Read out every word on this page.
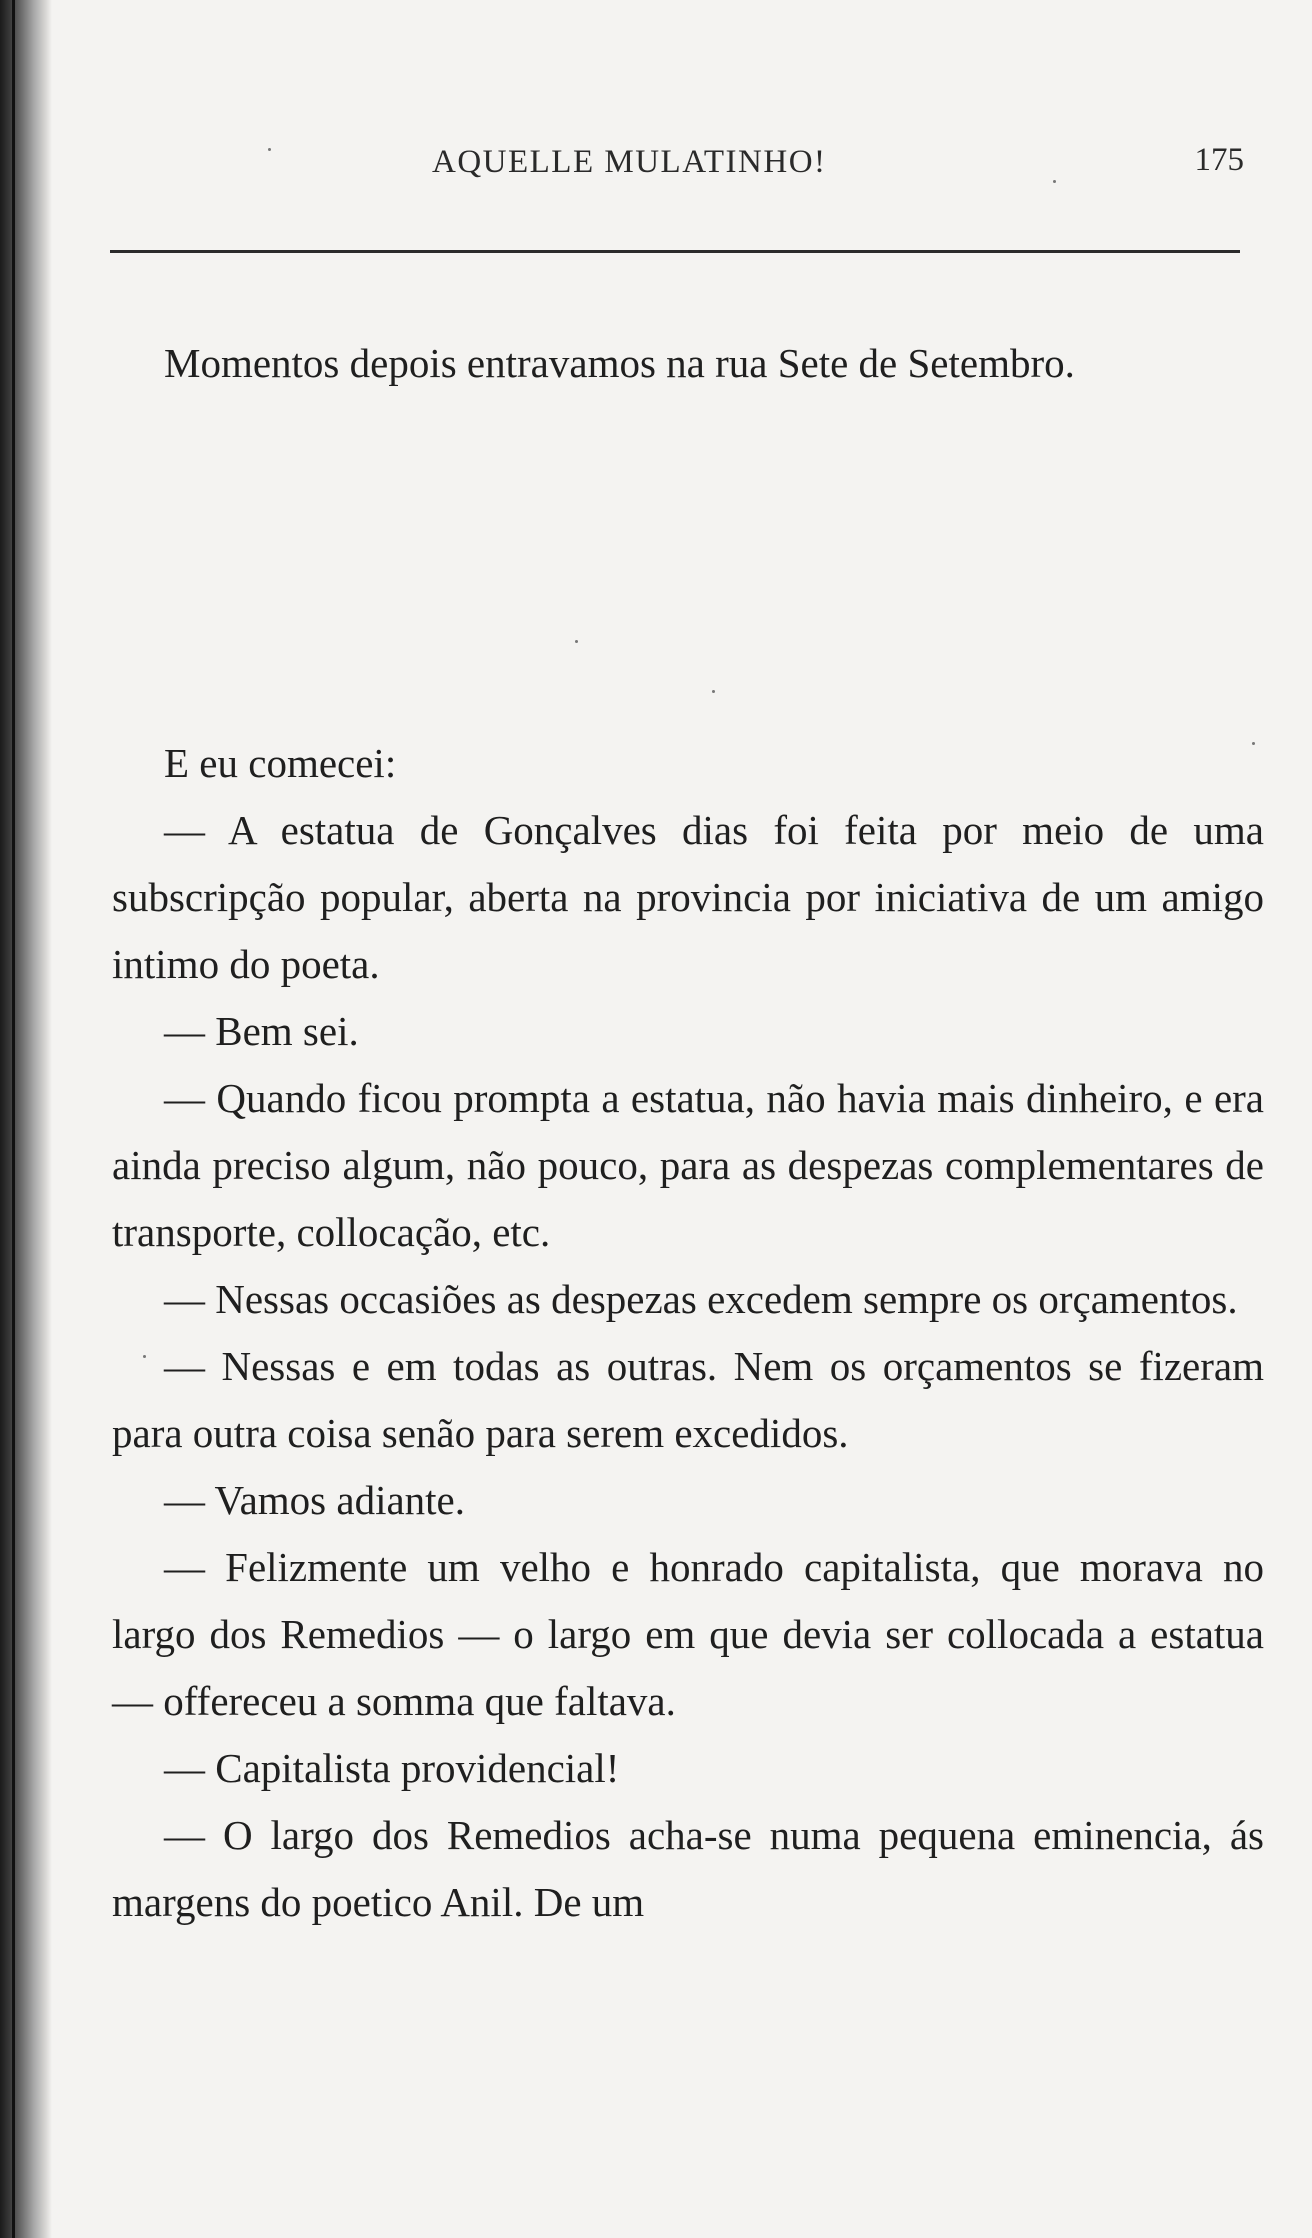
AQUELLE MULATINHO!	175

Momentos depois entravamos na rua Sete de Setembro.

E eu comecei:

— A estatua de Gonçalves dias foi feita por meio de uma subscripção popular, aberta na provincia por iniciativa de um amigo intimo do poeta.

— Bem sei.

— Quando ficou prompta a estatua, não havia mais dinheiro, e era ainda preciso algum, não pouco, para as despezas complementares de transporte, collocação, etc.

— Nessas occasiões as despezas excedem sempre os orçamentos.

— Nessas e em todas as outras. Nem os orçamentos se fizeram para outra coisa senão para serem excedidos.

— Vamos adiante.

— Felizmente um velho e honrado capitalista, que morava no largo dos Remedios — o largo em que devia ser collocada a estatua — offereceu a somma que faltava.

— Capitalista providencial!

— O largo dos Remedios acha-se numa pequena eminencia, ás margens do poetico Anil. De um
